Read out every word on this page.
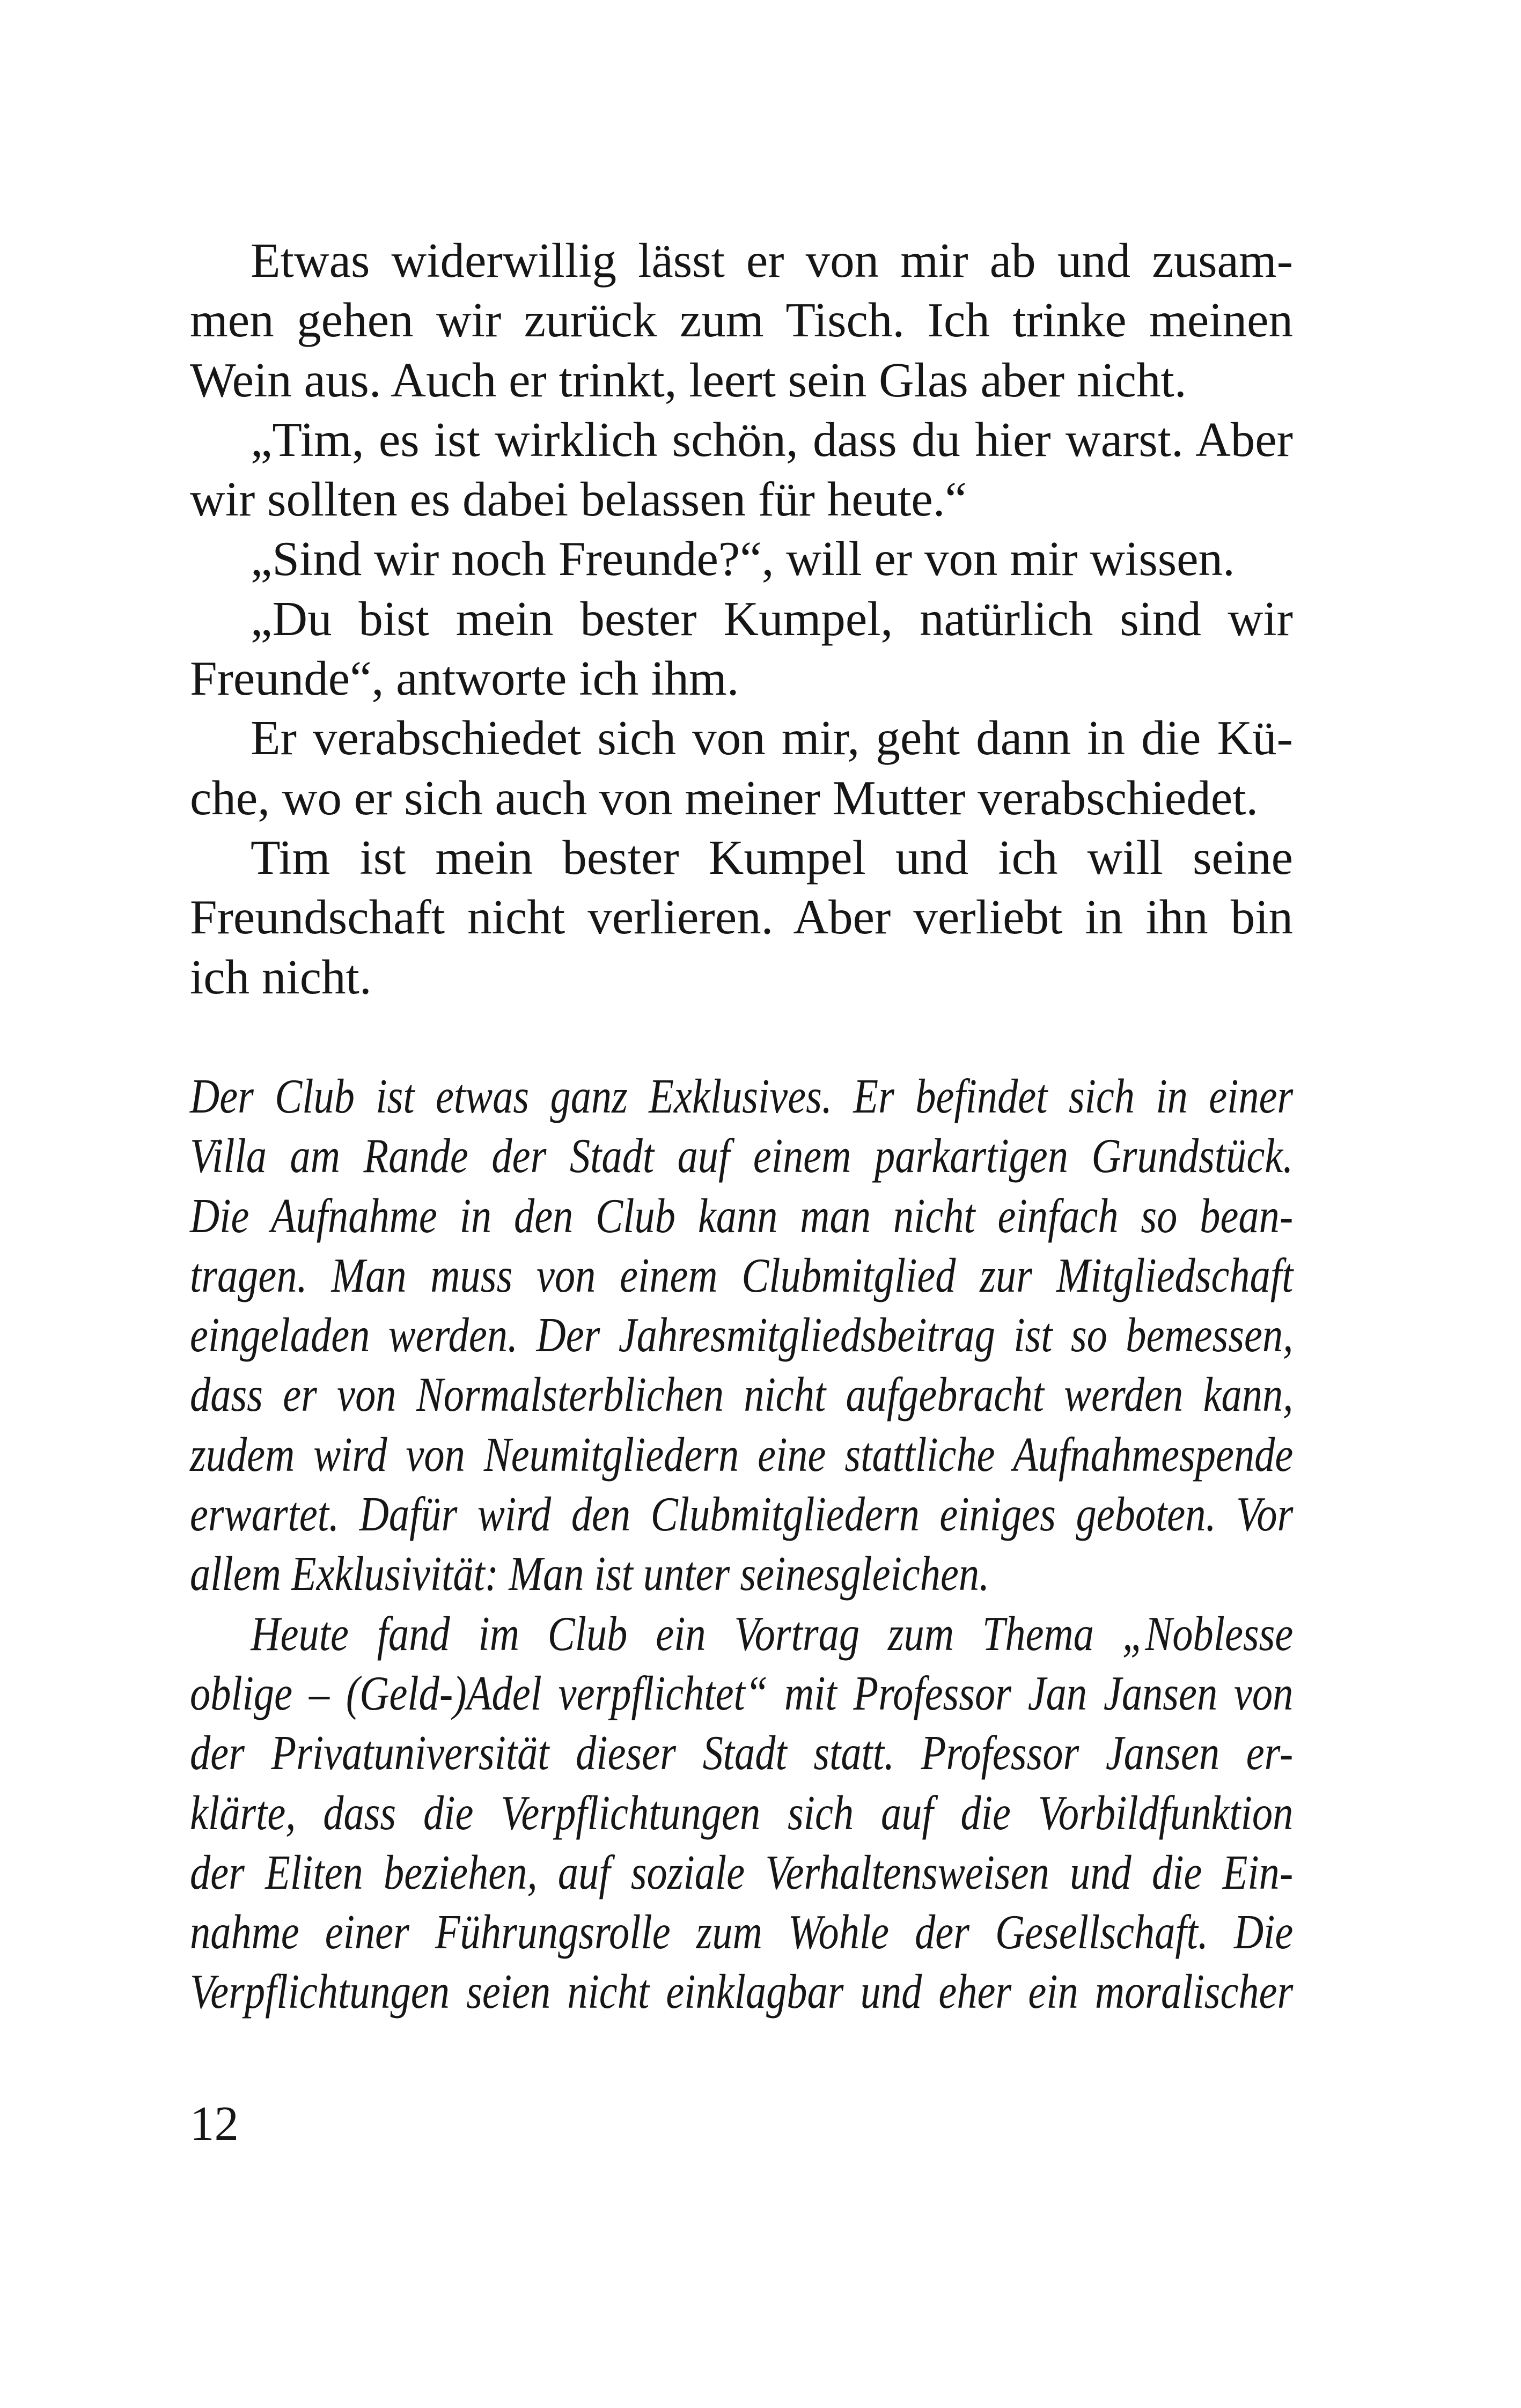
Etwas widerwillig lässt er von mir ab und zusam-
men gehen wir zurück zum Tisch. Ich trinke meinen
Wein aus. Auch er trinkt, leert sein Glas aber nicht.
„Tim, es ist wirklich schön, dass du hier warst. Aber
wir sollten es dabei belassen für heute.“
„Sind wir noch Freunde?“, will er von mir wissen.
„Du bist mein bester Kumpel, natürlich sind wir
Freunde“, antworte ich ihm.
Er verabschiedet sich von mir, geht dann in die Kü-
che, wo er sich auch von meiner Mutter verabschiedet.
Tim ist mein bester Kumpel und ich will seine
Freundschaft nicht verlieren. Aber verliebt in ihn bin
ich nicht.
Der Club ist etwas ganz Exklusives. Er befindet sich in einer
Villa am Rande der Stadt auf einem parkartigen Grundstück.
Die Aufnahme in den Club kann man nicht einfach so bean-
tragen. Man muss von einem Clubmitglied zur Mitgliedschaft
eingeladen werden. Der Jahresmitgliedsbeitrag ist so bemessen,
dass er von Normalsterblichen nicht aufgebracht werden kann,
zudem wird von Neumitgliedern eine stattliche Aufnahmespende
erwartet. Dafür wird den Clubmitgliedern einiges geboten. Vor
allem Exklusivität: Man ist unter seinesgleichen.
Heute fand im Club ein Vortrag zum Thema „Noblesse
oblige – (Geld-)Adel verpflichtet“ mit Professor Jan Jansen von
der Privatuniversität dieser Stadt statt. Professor Jansen er-
klärte, dass die Verpflichtungen sich auf die Vorbildfunktion
der Eliten beziehen, auf soziale Verhaltensweisen und die Ein-
nahme einer Führungsrolle zum Wohle der Gesellschaft. Die
Verpflichtungen seien nicht einklagbar und eher ein moralischer
12
